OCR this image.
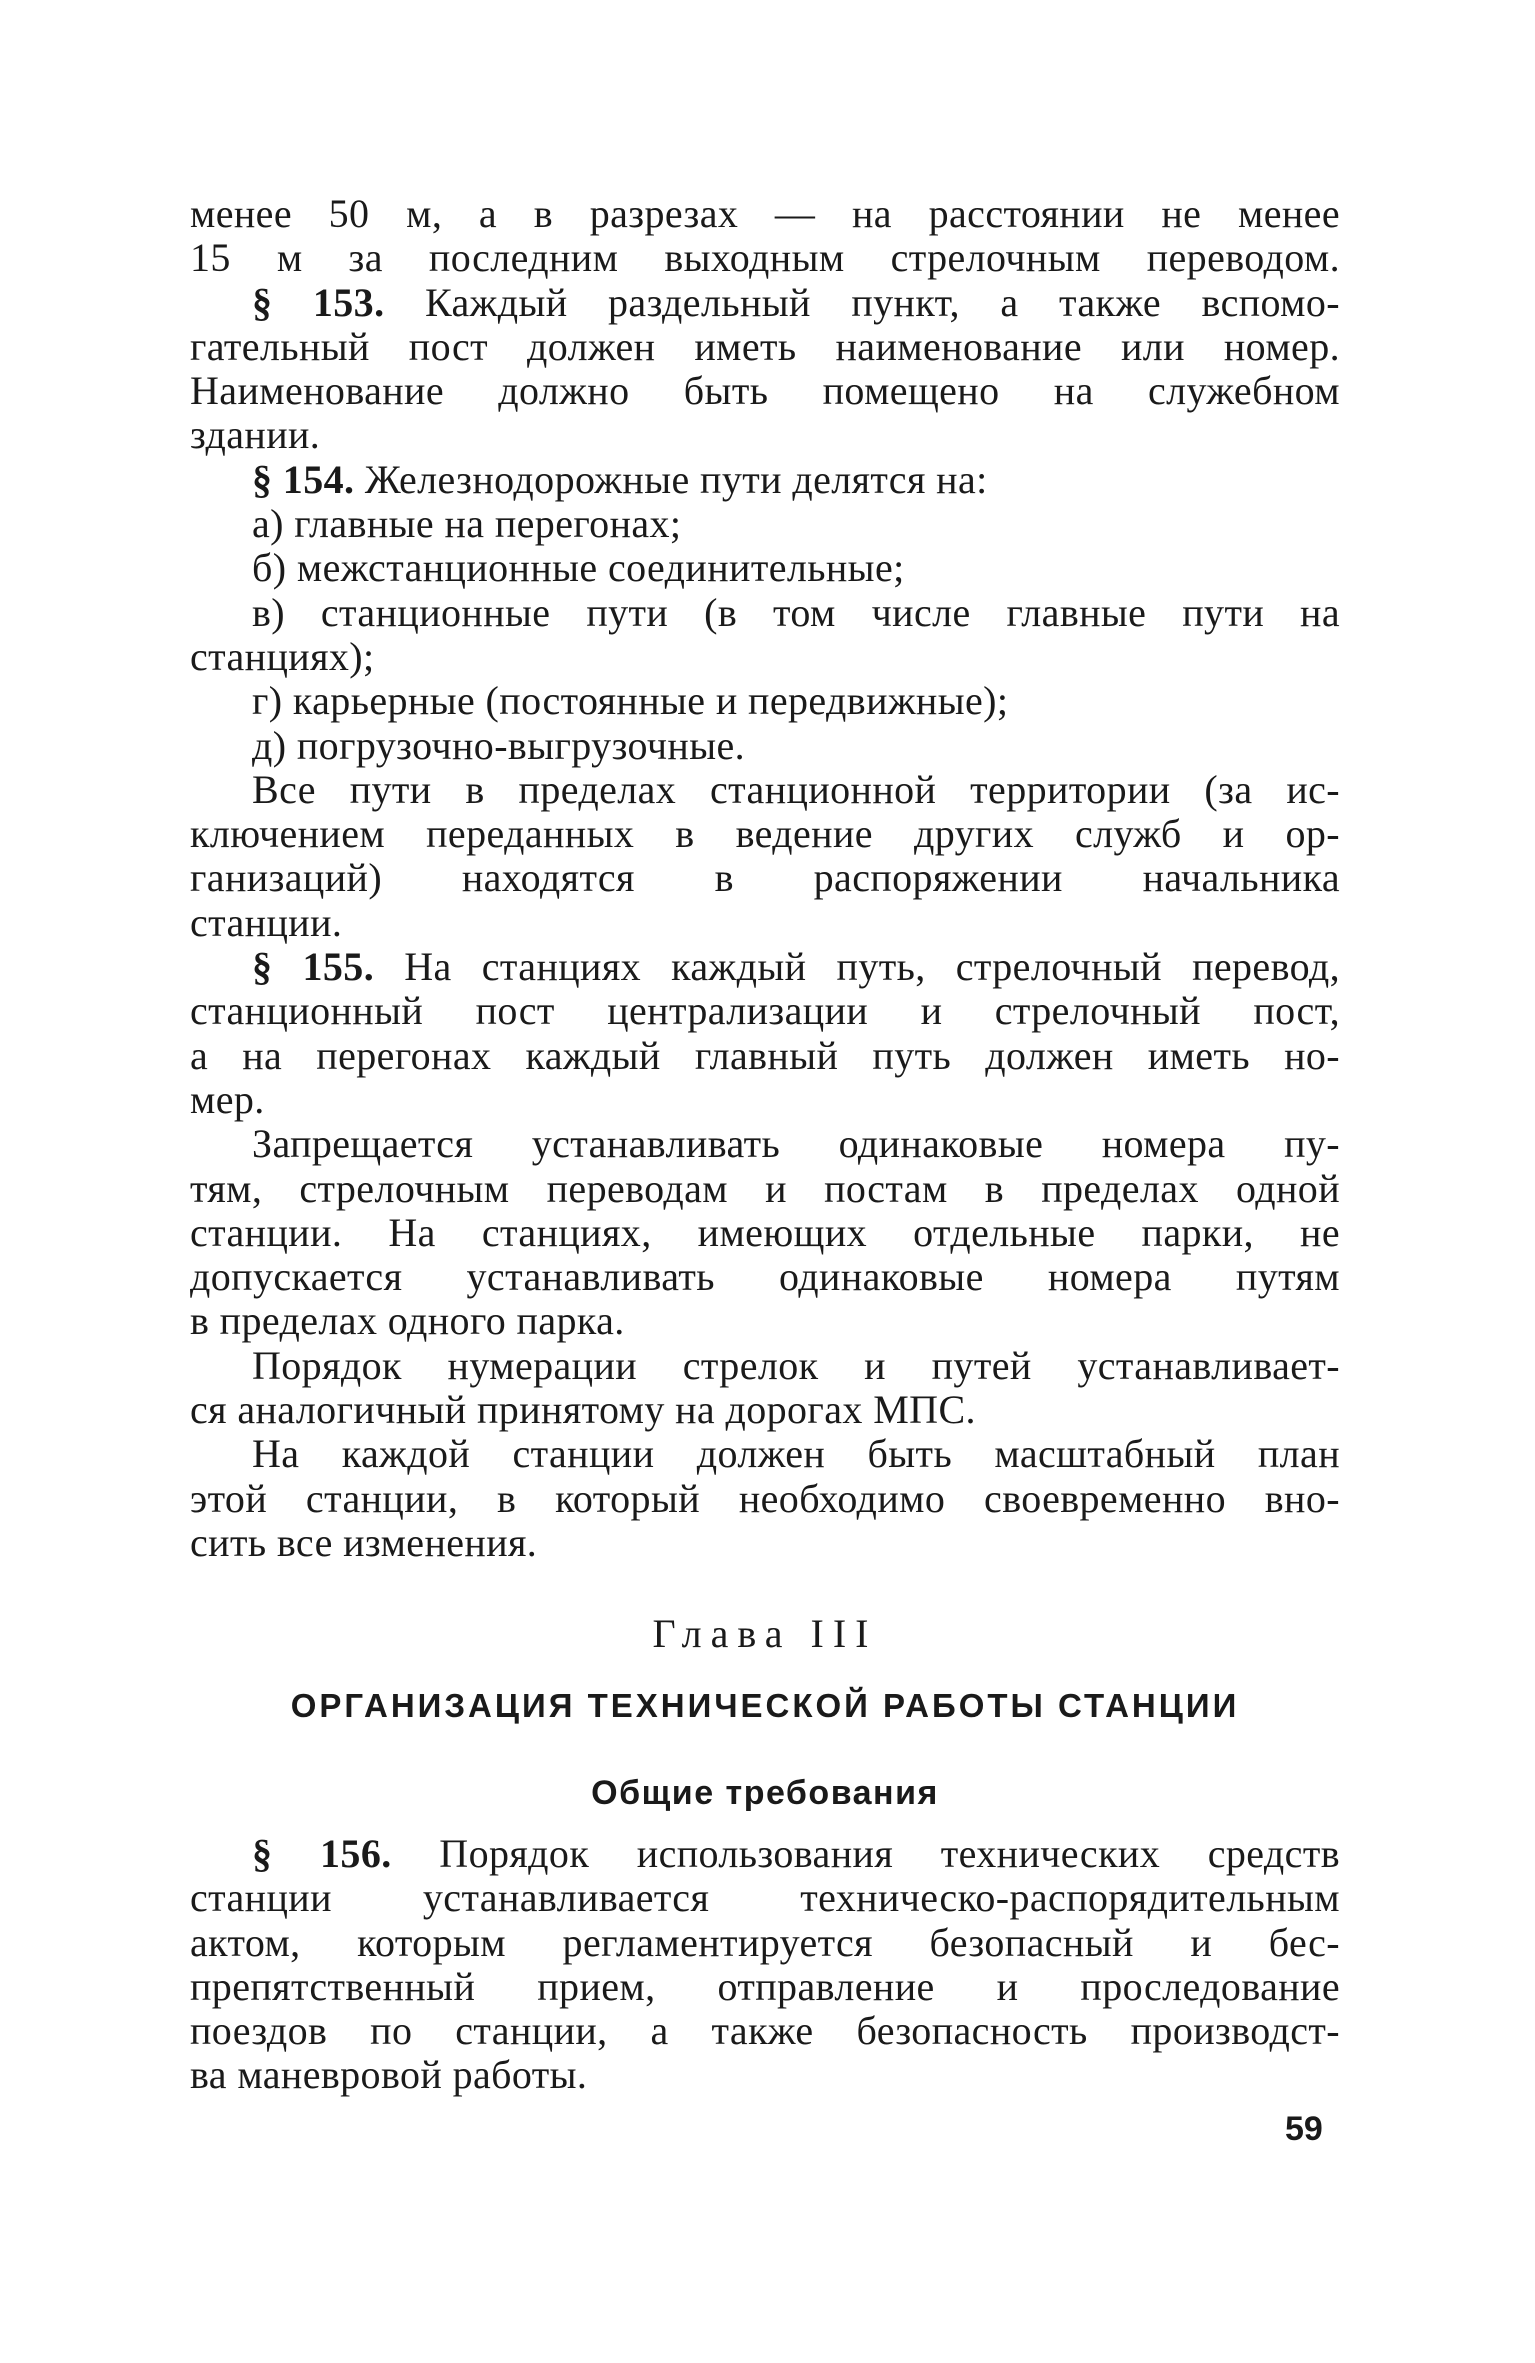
менее 50 м, а в разрезах — на расстоянии не менее
15 м за последним выходным стрелочным переводом.
§ 153. Каждый раздельный пункт, а также вспомо-
гательный пост должен иметь наименование или номер.
Наименование должно быть помещено на служебном
здании.
§ 154. Железнодорожные пути делятся на:
а) главные на перегонах;
б) межстанционные соединительные;
в) станционные пути (в том числе главные пути на
станциях);
г) карьерные (постоянные и передвижные);
д) погрузочно-выгрузочные.
Все пути в пределах станционной территории (за ис-
ключением переданных в ведение других служб и ор-
ганизаций) находятся в распоряжении начальника
станции.
§ 155. На станциях каждый путь, стрелочный перевод,
станционный пост централизации и стрелочный пост,
а на перегонах каждый главный путь должен иметь но-
мер.
Запрещается устанавливать одинаковые номера пу-
тям, стрелочным переводам и постам в пределах одной
станции. На станциях, имеющих отдельные парки, не
допускается устанавливать одинаковые номера путям
в пределах одного парка.
Порядок нумерации стрелок и путей устанавливает-
ся аналогичный принятому на дорогах МПС.
На каждой станции должен быть масштабный план
этой станции, в который необходимо своевременно вно-
сить все изменения.
Глава III
ОРГАНИЗАЦИЯ ТЕХНИЧЕСКОЙ РАБОТЫ СТАНЦИИ
Общие требования
§ 156. Порядок использования технических средств
станции устанавливается техническо-распорядительным
актом, которым регламентируется безопасный и бес-
препятственный прием, отправление и проследование
поездов по станции, а также безопасность производст-
ва маневровой работы.
59
